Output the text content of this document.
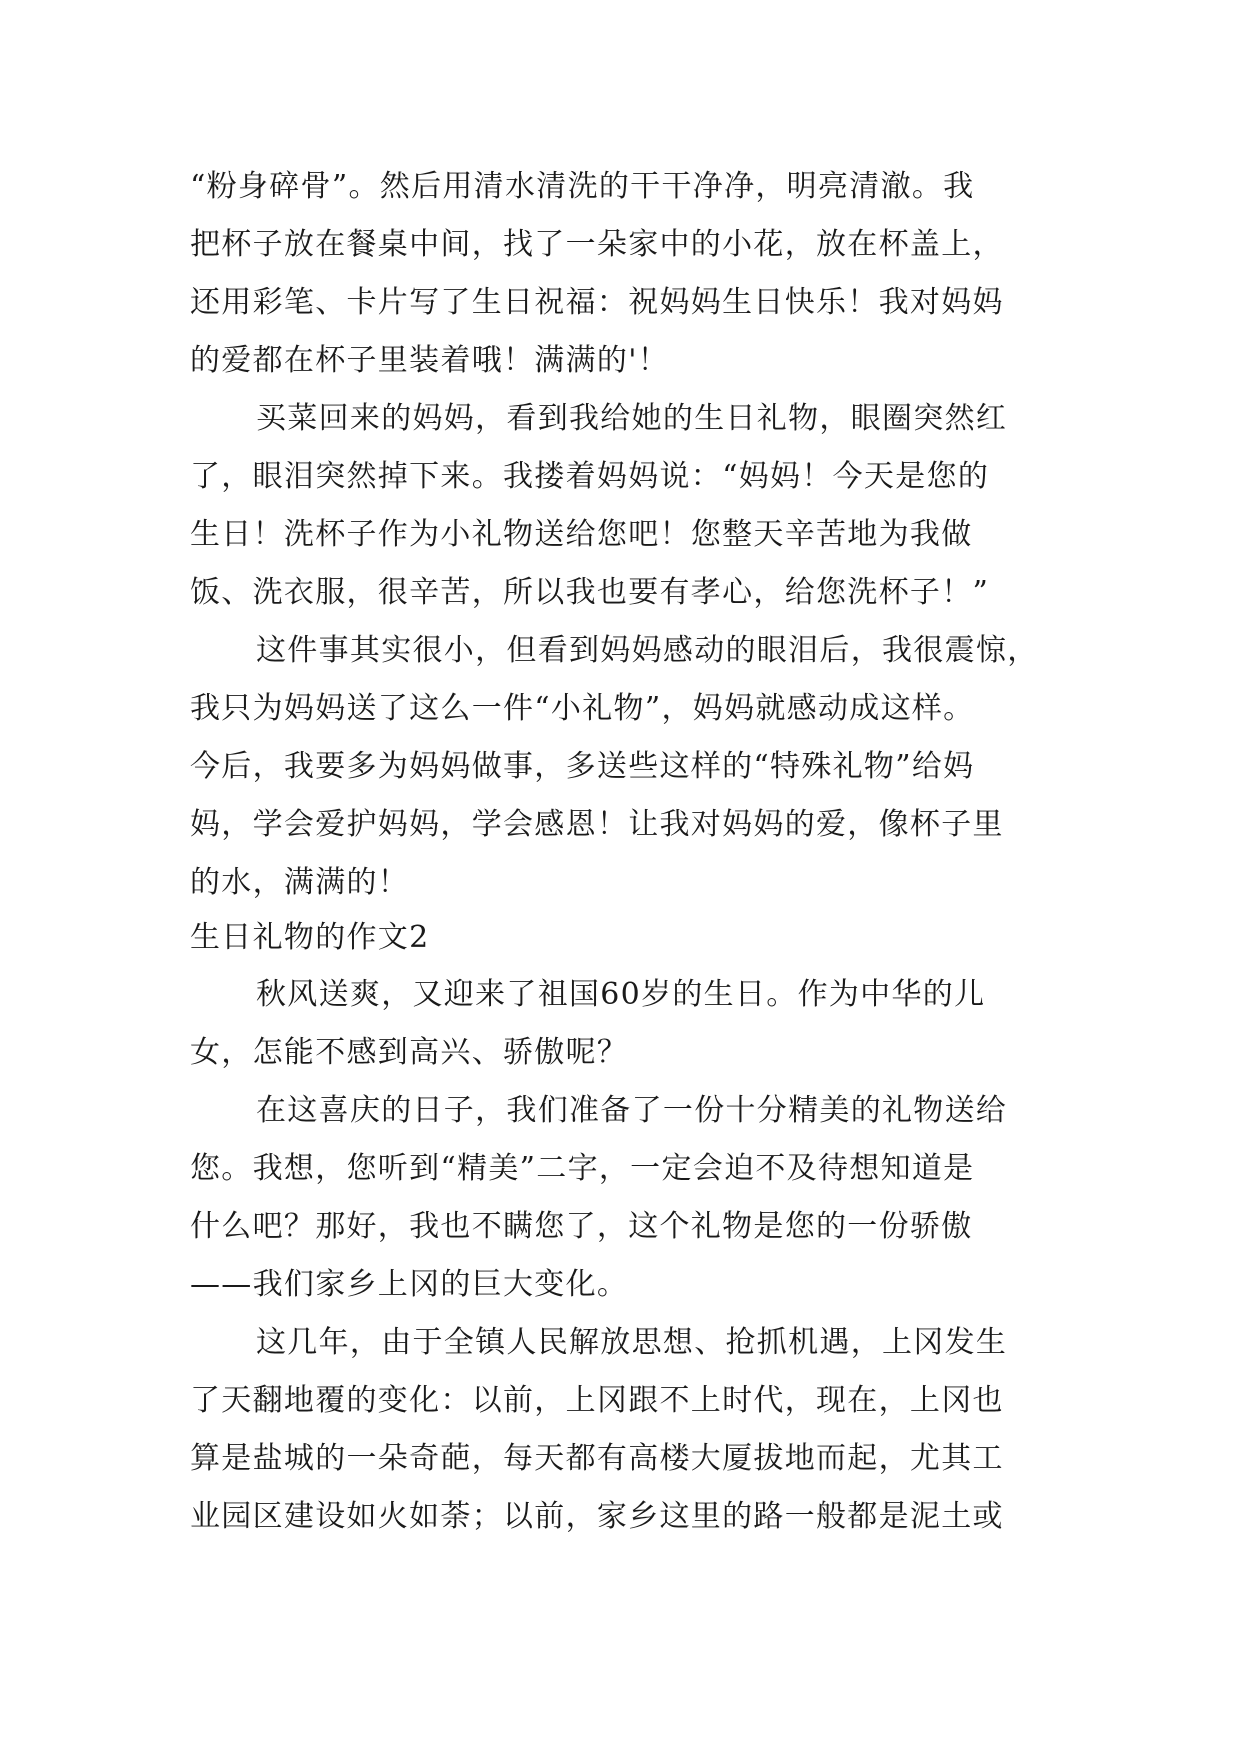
“粉身碎骨”。然后用清水清洗的干干净净，明亮清澈。我
把杯子放在餐桌中间，找了一朵家中的小花，放在杯盖上，
还用彩笔、卡片写了生日祝福：祝妈妈生日快乐！我对妈妈
的爱都在杯子里装着哦！满满的'！
买菜回来的妈妈，看到我给她的生日礼物，眼圈突然红
了，眼泪突然掉下来。我搂着妈妈说：“妈妈！今天是您的
生日！洗杯子作为小礼物送给您吧！您整天辛苦地为我做
饭、洗衣服，很辛苦，所以我也要有孝心，给您洗杯子！”
这件事其实很小，但看到妈妈感动的眼泪后，我很震惊，
我只为妈妈送了这么一件“小礼物”，妈妈就感动成这样。
今后，我要多为妈妈做事，多送些这样的“特殊礼物”给妈
妈，学会爱护妈妈，学会感恩！让我对妈妈的爱，像杯子里
的水，满满的！
生日礼物的作文2
秋风送爽，又迎来了祖国60岁的生日。作为中华的儿
女，怎能不感到高兴、骄傲呢？
在这喜庆的日子，我们准备了一份十分精美的礼物送给
您。我想，您听到“精美”二字，一定会迫不及待想知道是
什么吧？那好，我也不瞒您了，这个礼物是您的一份骄傲
——我们家乡上冈的巨大变化。
这几年，由于全镇人民解放思想、抢抓机遇，上冈发生
了天翻地覆的变化：以前，上冈跟不上时代，现在，上冈也
算是盐城的一朵奇葩，每天都有高楼大厦拔地而起，尤其工
业园区建设如火如荼；以前，家乡这里的路一般都是泥土或
